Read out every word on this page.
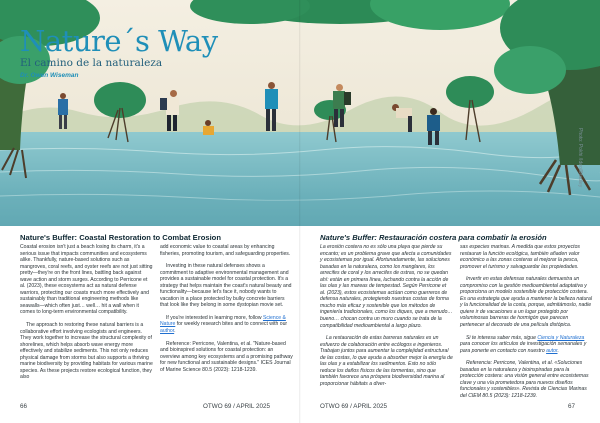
Nature´s Way
El camino de la naturaleza
Dr. Owen Wiseman
Photo: Pokhi /Ideo/Bradley
Nature's Buffer: Coastal Restoration to Combat Erosion

Coastal erosion isn't just a beach losing its charm, it's a serious issue that impacts communities and ecosystems alike. Thankfully, nature-based solutions such as mangroves, coral reefs, and oyster reefs are not just sitting pretty—they're on the front lines, battling back against wave action and storm surges. According to Perricone et al. (2023), these ecosystems act as natural defense warriors, protecting our coasts much more effectively and sustainably than traditional engineering methods like seawalls—which often just… well… hit a wall when it comes to long-term environmental compatibility.

The approach to restoring these natural barriers is a collaborative effort involving ecologists and engineers. They work together to increase the structural complexity of shorelines, which helps absorb wave energy more effectively and stabilize sediments. This not only reduces physical damage from storms but also supports a thriving marine biodiversity by providing habitats for various marine species. As these projects restore ecological function, they also

add economic value to coastal areas by enhancing fisheries, promoting tourism, and safeguarding properties.

Investing in these natural defenses shows a commitment to adaptive environmental management and provides a sustainable model for coastal protection. It's a strategy that helps maintain the coast's natural beauty and functionality—because let's face it, nobody wants to vacation in a place protected by bulky concrete barriers that look like they belong in some dystopian movie set.

If you're interested in learning more, follow Science & Nature for weekly research bites and to connect with our author.

Reference: Perricone, Valentina, et al. "Nature-based and bioinspired solutions for coastal protection: an overview among key ecosystems and a promising pathway for new functional and sustainable designs." ICES Journal of Marine Science 80.5 (2023): 1218-1239.

66	OTWO 69 / APRIL 2025
Nature's Buffer: Restauración costera para combatir la erosión

La erosión costera no es sólo una playa que pierde su encanto; es un problema grave que afecta a comunidades y ecosistemas por igual. Afortunadamente, las soluciones basadas en la naturaleza, como los manglares, los arrecifes de coral y los arrecifes de ostras, no se quedan ahí: están en primera línea, luchando contra la acción de las olas y las mareas de tempestad. Según Perricone et al. (2023), estos ecosistemas actúan como guerreros de defensa naturales, protegiendo nuestras costas de forma mucho más eficaz y sostenible que los métodos de ingeniería tradicionales, como los diques, que a menudo… bueno… chocan contra un muro cuando se trata de la compatibilidad medioambiental a largo plazo.

La restauración de estas barreras naturales es un esfuerzo de colaboración entre ecólogos e ingenieros. Trabajan juntos para aumentar la complejidad estructural de las costas, lo que ayuda a absorber mejor la energía de las olas y a estabilizar los sedimentos. Esto no sólo reduce los daños físicos de las tormentas, sino que también favorece una próspera biodiversidad marina al proporcionar hábitats a diver-

sas especies marinas. A medida que estos proyectos restauran la función ecológica, también añaden valor económico a las zonas costeras al mejorar la pesca, promover el turismo y salvaguardar las propiedades.

Invertir en estas defensas naturales demuestra un compromiso con la gestión medioambiental adaptativa y proporciona un modelo sostenible de protección costera. Es una estrategia que ayuda a mantener la belleza natural y la funcionalidad de la costa, porque, admitámoslo, nadie quiere ir de vacaciones a un lugar protegido por voluminosas barreras de hormigón que parecen pertenecer al decorado de una película distópica.

Si te interesa saber más, sigue Ciencia y Naturaleza para conocer los artículos de investigación semanales y para ponerte en contacto con nuestro autor.

Referencia: Perricone, Valentina, et al. «Soluciones basadas en la naturaleza y bioinspiradas para la protección costera: una visión general entre ecosistemas clave y una vía prometedora para nuevos diseños funcionales y sostenibles». Revista de Ciencias Marinas del CIEM 80.5 (2023): 1218-1239.

OTWO 69 / APRIL 2025	67
